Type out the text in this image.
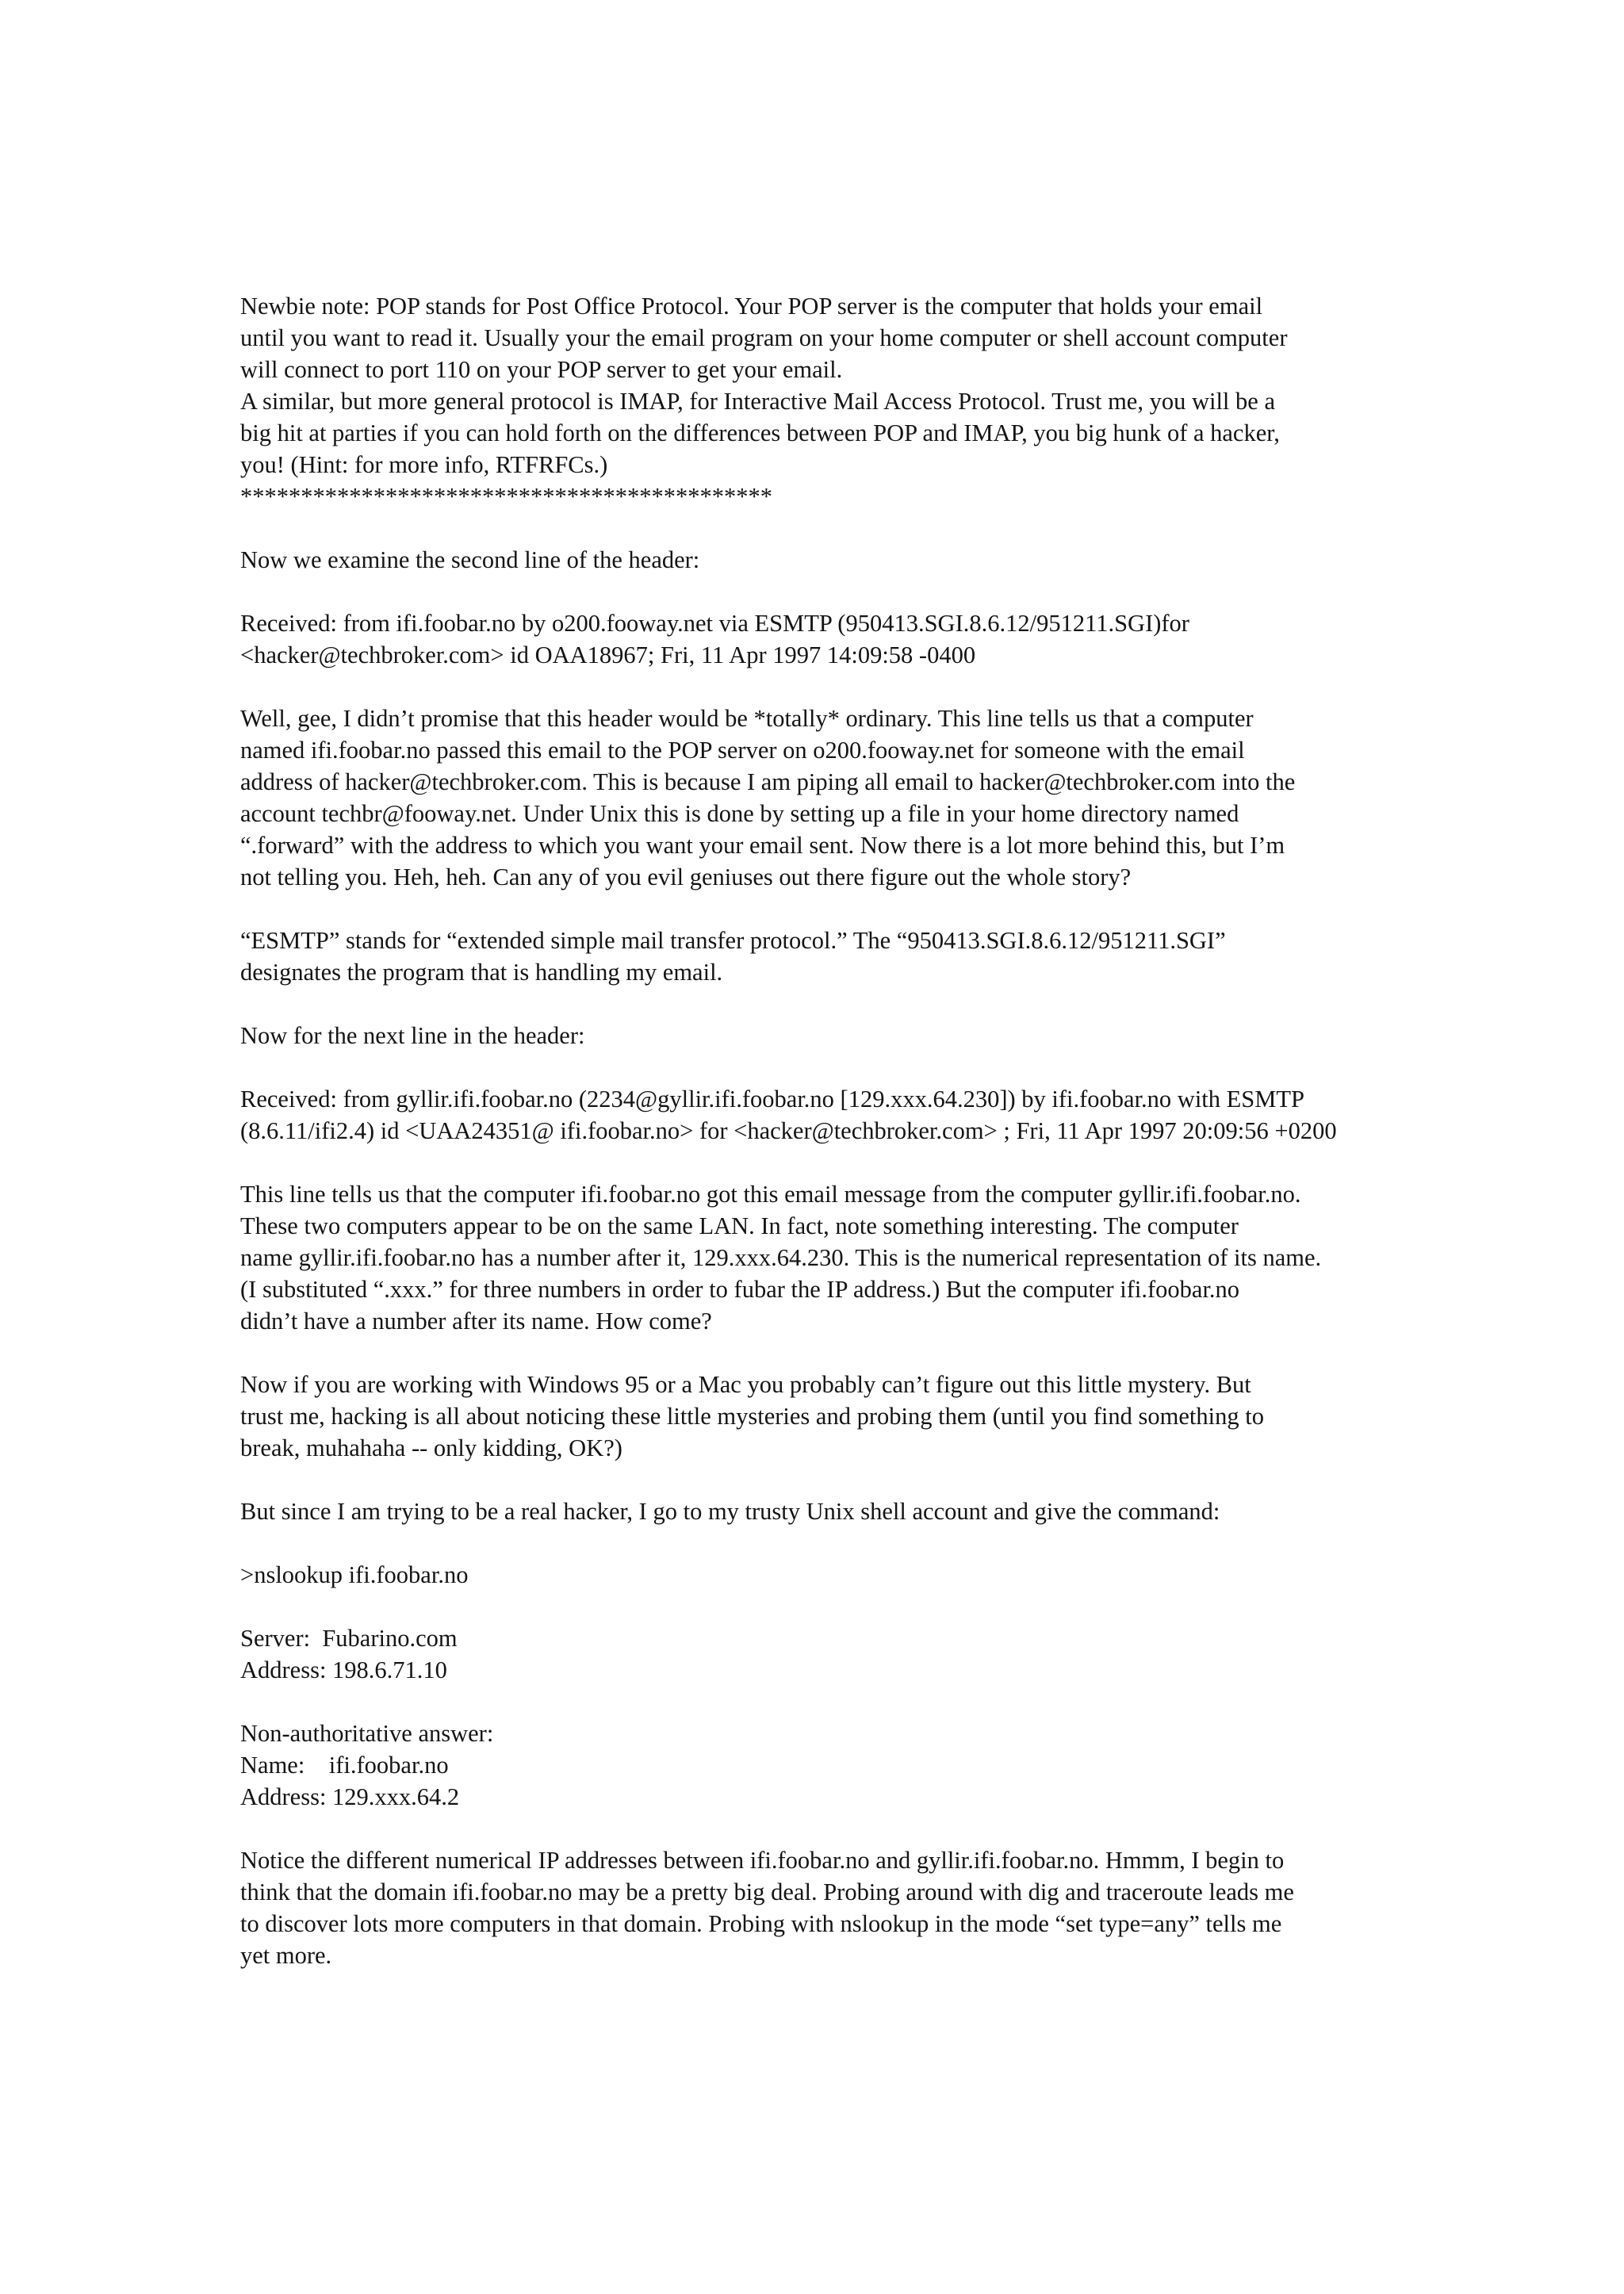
Newbie note: POP stands for Post Office Protocol. Your POP server is the computer that holds your email
until you want to read it. Usually your the email program on your home computer or shell account computer
will connect to port 110 on your POP server to get your email.
A similar, but more general protocol is IMAP, for Interactive Mail Access Protocol. Trust me, you will be a
big hit at parties if you can hold forth on the differences between POP and IMAP, you big hunk of a hacker,
you! (Hint: for more info, RTFRFCs.)
********************************************
Now we examine the second line of the header:
Received: from ifi.foobar.no by o200.fooway.net via ESMTP (950413.SGI.8.6.12/951211.SGI)for
<hacker@techbroker.com> id OAA18967; Fri, 11 Apr 1997 14:09:58 -0400
Well, gee, I didn’t promise that this header would be *totally* ordinary. This line tells us that a computer
named ifi.foobar.no passed this email to the POP server on o200.fooway.net for someone with the email
address of hacker@techbroker.com. This is because I am piping all email to hacker@techbroker.com into the
account techbr@fooway.net. Under Unix this is done by setting up a file in your home directory named
“.forward” with the address to which you want your email sent. Now there is a lot more behind this, but I’m
not telling you. Heh, heh. Can any of you evil geniuses out there figure out the whole story?
“ESMTP” stands for “extended simple mail transfer protocol.” The “950413.SGI.8.6.12/951211.SGI”
designates the program that is handling my email.
Now for the next line in the header:
Received: from gyllir.ifi.foobar.no (2234@gyllir.ifi.foobar.no [129.xxx.64.230]) by ifi.foobar.no with ESMTP
(8.6.11/ifi2.4) id <UAA24351@ ifi.foobar.no> for <hacker@techbroker.com> ; Fri, 11 Apr 1997 20:09:56 +0200
This line tells us that the computer ifi.foobar.no got this email message from the computer gyllir.ifi.foobar.no.
These two computers appear to be on the same LAN. In fact, note something interesting. The computer
name gyllir.ifi.foobar.no has a number after it, 129.xxx.64.230. This is the numerical representation of its name.
(I substituted “.xxx.” for three numbers in order to fubar the IP address.) But the computer ifi.foobar.no
didn’t have a number after its name. How come?
Now if you are working with Windows 95 or a Mac you probably can’t figure out this little mystery. But
trust me, hacking is all about noticing these little mysteries and probing them (until you find something to
break, muhahaha -- only kidding, OK?)
But since I am trying to be a real hacker, I go to my trusty Unix shell account and give the command:
>nslookup ifi.foobar.no
Server:  Fubarino.com
Address: 198.6.71.10
Non-authoritative answer:
Name:    ifi.foobar.no
Address: 129.xxx.64.2
Notice the different numerical IP addresses between ifi.foobar.no and gyllir.ifi.foobar.no. Hmmm, I begin to
think that the domain ifi.foobar.no may be a pretty big deal. Probing around with dig and traceroute leads me
to discover lots more computers in that domain. Probing with nslookup in the mode “set type=any” tells me
yet more.
